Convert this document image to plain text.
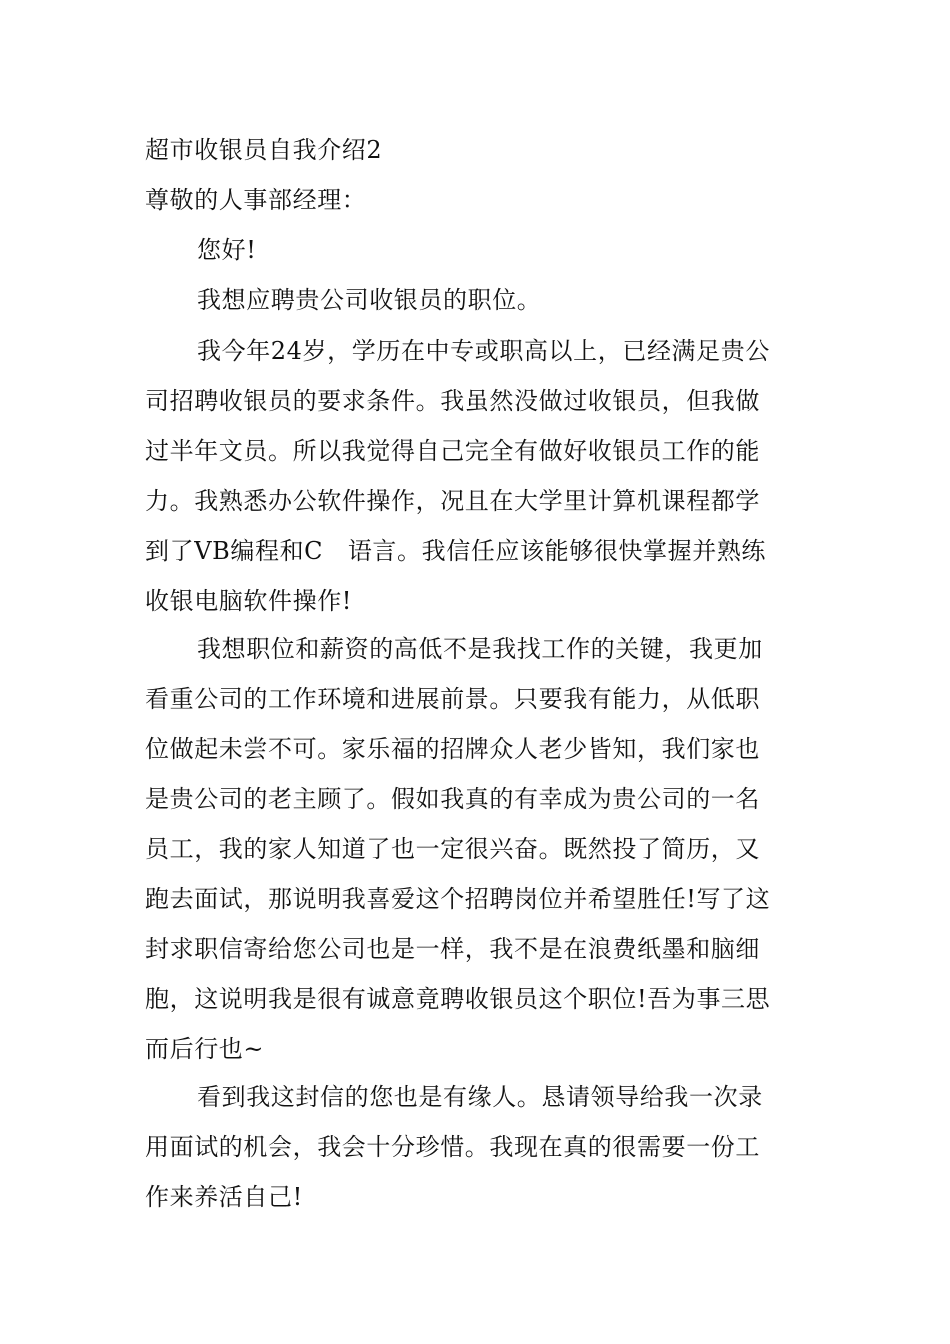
超市收银员自我介绍2
尊敬的人事部经理：
您好!
我想应聘贵公司收银员的职位。
我今年24岁，学历在中专或职高以上，已经满足贵公
司招聘收银员的要求条件。我虽然没做过收银员，但我做
过半年文员。所以我觉得自己完全有做好收银员工作的能
力。我熟悉办公软件操作，况且在大学里计算机课程都学
到了VB编程和C   语言。我信任应该能够很快掌握并熟练
收银电脑软件操作!
我想职位和薪资的高低不是我找工作的关键，我更加
看重公司的工作环境和进展前景。只要我有能力，从低职
位做起未尝不可。家乐福的招牌众人老少皆知，我们家也
是贵公司的老主顾了。假如我真的有幸成为贵公司的一名
员工，我的家人知道了也一定很兴奋。既然投了简历，又
跑去面试，那说明我喜爱这个招聘岗位并希望胜任!写了这
封求职信寄给您公司也是一样，我不是在浪费纸墨和脑细
胞，这说明我是很有诚意竟聘收银员这个职位!吾为事三思
而后行也~
看到我这封信的您也是有缘人。恳请领导给我一次录
用面试的机会，我会十分珍惜。我现在真的很需要一份工
作来养活自己!
